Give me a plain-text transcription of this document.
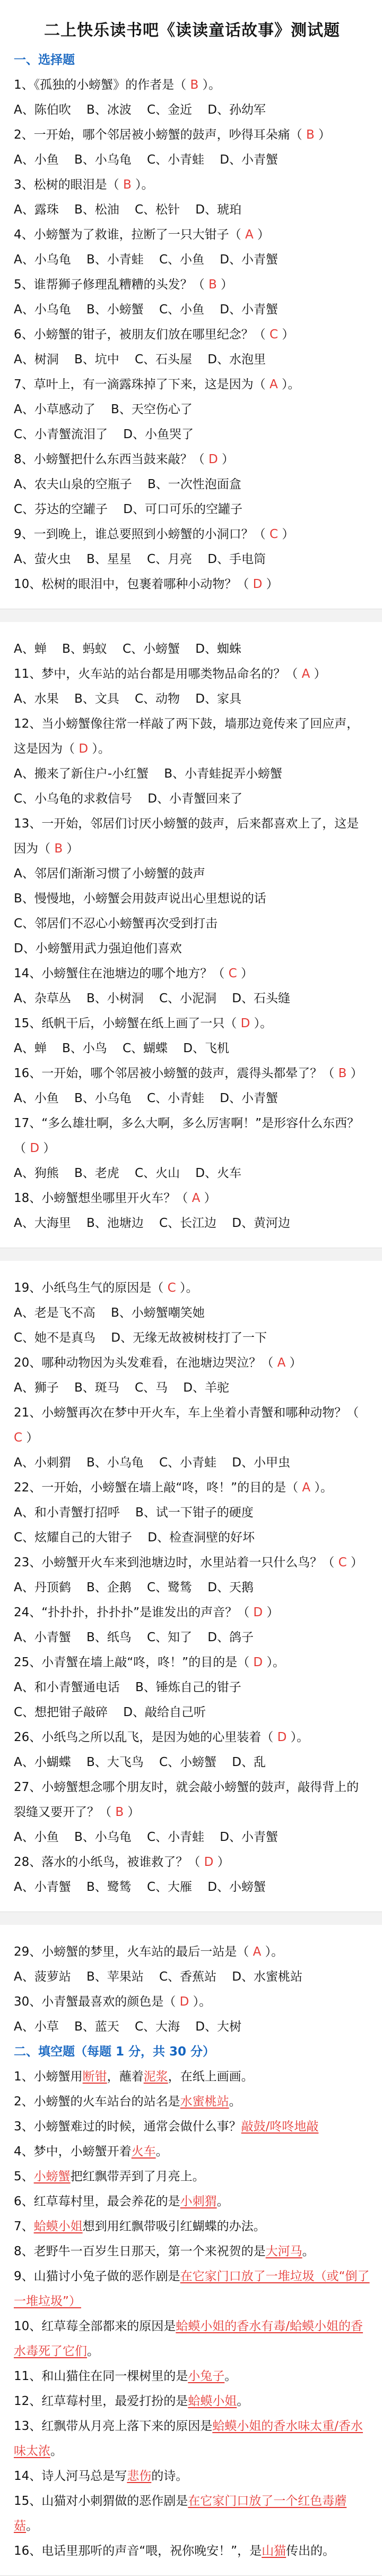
二上快乐读书吧《读读童话故事》测试题
一、选择题
1、《孤独的小螃蟹》的作者是（ B ）。
A、陈伯吹    B、冰波    C、金近    D、孙幼军
2、一开始，哪个邻居被小螃蟹的鼓声，吵得耳朵痛（ B ）
A、小鱼    B、小乌龟    C、小青蛙    D、小青蟹
3、松树的眼泪是（ B ）。
A、露珠    B、松油    C、松针    D、琥珀
4、小螃蟹为了救谁，拉断了一只大钳子（ A ）
A、小乌龟    B、小青蛙    C、小鱼    D、小青蟹
5、谁帮狮子修理乱糟糟的头发？（ B ）
A、小乌龟    B、小螃蟹    C、小鱼    D、小青蟹
6、小螃蟹的钳子，被朋友们放在哪里纪念？（ C ）
A、树洞    B、坑中    C、石头屋    D、水泡里
7、草叶上，有一滴露珠掉了下来，这是因为（ A ）。
A、小草感动了    B、天空伤心了
C、小青蟹流泪了    D、小鱼哭了
8、小螃蟹把什么东西当鼓来敲？（ D ）
A、农夫山泉的空瓶子    B、一次性泡面盒
C、芬达的空罐子    D、可口可乐的空罐子
9、一到晚上，谁总要照到小螃蟹的小洞口？（ C ）
A、萤火虫    B、星星    C、月亮    D、手电筒
10、松树的眼泪中，包裹着哪种小动物？（ D ）
A、蝉    B、蚂蚁    C、小螃蟹    D、蜘蛛
11、梦中，火车站的站台都是用哪类物品命名的？（ A ）
A、水果    B、文具    C、动物    D、家具
12、当小螃蟹像往常一样敲了两下鼓，墙那边竟传来了回应声，这是因为（ D ）。
A、搬来了新住户-小红蟹    B、小青蛙捉弄小螃蟹
C、小乌龟的求救信号    D、小青蟹回来了
13、一开始，邻居们讨厌小螃蟹的鼓声，后来都喜欢上了，这是因为（ B ）
A、邻居们渐渐习惯了小螃蟹的鼓声
B、慢慢地，小螃蟹会用鼓声说出心里想说的话
C、邻居们不忍心小螃蟹再次受到打击
D、小螃蟹用武力强迫他们喜欢
14、小螃蟹住在池塘边的哪个地方？（ C ）
A、杂草丛    B、小树洞    C、小泥洞    D、石头缝
15、纸帆干后，小螃蟹在纸上画了一只（ D ）。
A、蝉    B、小鸟    C、蝴蝶    D、飞机
16、一开始，哪个邻居被小螃蟹的鼓声，震得头都晕了？（ B ）
A、小鱼    B、小乌龟    C、小青蛙    D、小青蟹
17、“多么雄壮啊，多么大啊，多么厉害啊！”是形容什么东西？（ D ）
A、狗熊    B、老虎    C、火山    D、火车
18、小螃蟹想坐哪里开火车？（ A ）
A、大海里    B、池塘边    C、长江边    D、黄河边
19、小纸鸟生气的原因是（ C ）。
A、老是飞不高    B、小螃蟹嘲笑她
C、她不是真鸟    D、无缘无故被树枝打了一下
20、哪种动物因为头发难看，在池塘边哭泣？（ A ）
A、狮子    B、斑马    C、马    D、羊驼
21、小螃蟹再次在梦中开火车，车上坐着小青蟹和哪种动物？（ C ）
A、小刺猬    B、小乌龟    C、小青蛙    D、小甲虫
22、一开始，小螃蟹在墙上敲“咚，咚！”的目的是（ A ）。
A、和小青蟹打招呼    B、试一下钳子的硬度
C、炫耀自己的大钳子    D、检查洞壁的好坏
23、小螃蟹开火车来到池塘边时，水里站着一只什么鸟？（ C ）
A、丹顶鹤    B、企鹅    C、鹭鸶    D、天鹅
24、“扑扑扑，扑扑扑”是谁发出的声音？（ D ）
A、小青蟹    B、纸鸟    C、知了    D、鸽子
25、小青蟹在墙上敲“咚，咚！”的目的是（ D ）。
A、和小青蟹通电话    B、锤炼自己的钳子
C、想把钳子敲碎    D、敲给自己听
26、小纸鸟之所以乱飞，是因为她的心里装着（ D ）。
A、小蝴蝶    B、大飞鸟    C、小螃蟹    D、乱
27、小螃蟹想念哪个朋友时，就会敲小螃蟹的鼓声，敲得背上的裂缝又要开了？（ B ）
A、小鱼    B、小乌龟    C、小青蛙    D、小青蟹
28、落水的小纸鸟，被谁救了？（ D ）
A、小青蟹    B、鹭鸶    C、大雁    D、小螃蟹
29、小螃蟹的梦里，火车站的最后一站是（ A ）。
A、菠萝站    B、苹果站    C、香蕉站    D、水蜜桃站
30、小青蟹最喜欢的颜色是（ D ）。
A、小草    B、蓝天    C、大海    D、大树
二、填空题（每题 1 分，共 30 分）
1、小螃蟹用断钳，蘸着泥浆，在纸上画画。
2、小螃蟹的火车站台的站名是水蜜桃站。
3、小螃蟹难过的时候，通常会做什么事？敲鼓/咚咚地敲
4、梦中，小螃蟹开着火车。
5、小螃蟹把红飘带弄到了月亮上。
6、红草莓村里，最会养花的是小刺猬。
7、蛤蟆小姐想到用红飘带吸引红蝴蝶的办法。
8、老野牛一百岁生日那天，第一个来祝贺的是大河马。
9、山猫讨小兔子做的恶作剧是在它家门口放了一堆垃圾（或“倒了一堆垃圾”）
10、红草莓全部都来的原因是蛤蟆小姐的香水有毒/蛤蟆小姐的香水毒死了它们。
11、和山猫住在同一棵树里的是小兔子。
12、红草莓村里，最爱打扮的是蛤蟆小姐。
13、红飘带从月亮上落下来的原因是蛤蟆小姐的香水味太重/香水味太浓。
14、诗人河马总是写悲伤的诗。
15、山猫对小刺猬做的恶作剧是在它家门口放了一个红色毒蘑菇。
16、电话里那听的声音“喂，祝你晚安！”，是山猫传出的。
